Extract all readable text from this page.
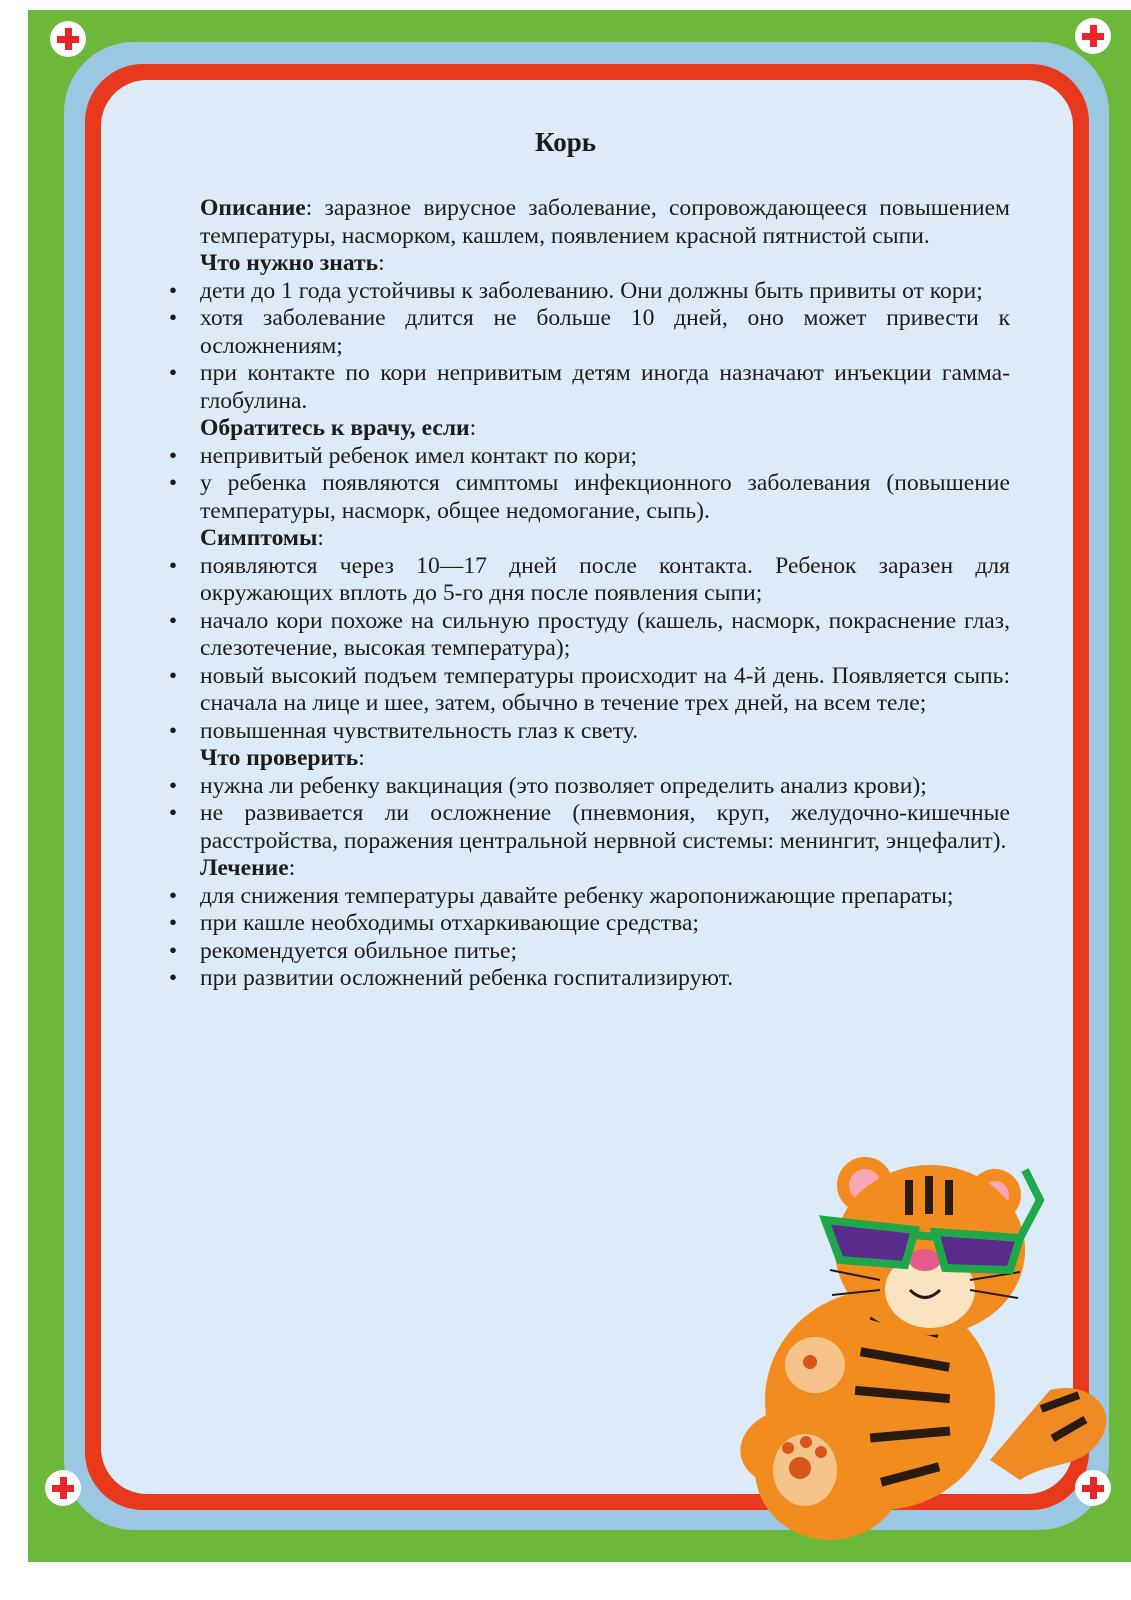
Корь

Описание: заразное вирусное заболевание, сопровождающееся повышением температуры, насморком, кашлем, появлением красной пятнистой сыпи.

Что нужно знать:

• дети до 1 года устойчивы к заболеванию. Они должны быть привиты от кори;

• хотя заболевание длится не больше 10 дней, оно может привести к осложнениям;

• при контакте по кори непривитым детям иногда назначают инъекции гамма-глобулина.

Обратитесь к врачу, если:

• непривитый ребенок имел контакт по кори;

• у ребенка появляются симптомы инфекционного заболевания (повышение температуры, насморк, общее недомогание, сыпь).

Симптомы:

• появляются через 10—17 дней после контакта. Ребенок заразен для окружающих вплоть до 5-го дня после появления сыпи;

• начало кори похоже на сильную простуду (кашель, насморк, покраснение глаз, слезотечение, высокая температура);

• новый высокий подъем температуры происходит на 4-й день. Появляется сыпь: сначала на лице и шее, затем, обычно в течение трех дней, на всем теле;

• повышенная чувствительность глаз к свету.

Что проверить:

• нужна ли ребенку вакцинация (это позволяет определить анализ крови);

• не развивается ли осложнение (пневмония, круп, желудочно-кишечные расстройства, поражения центральной нервной системы: менингит, энцефалит).

Лечение:

• для снижения температуры давайте ребенку жаропонижающие препараты;

• при кашле необходимы отхаркивающие средства;

• рекомендуется обильное питье;

• при развитии осложнений ребенка госпитализируют.
